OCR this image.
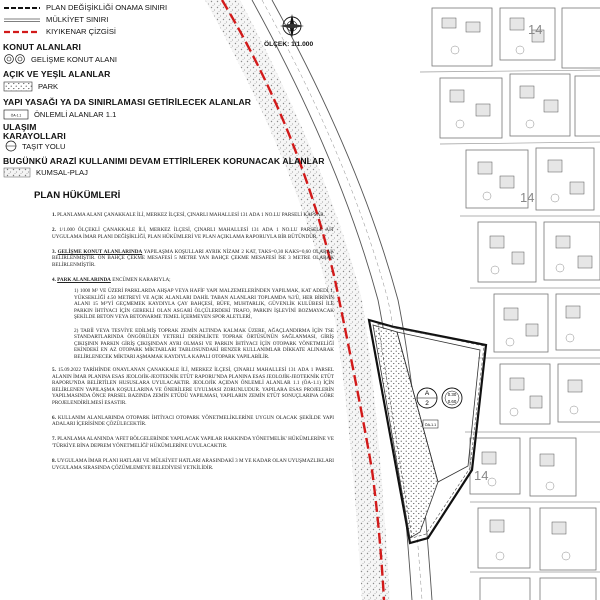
A
2
0.30
0.60
ÖA-1.1
ÖA-1.1
PLAN DEĞİŞİKLİĞİ ONAMA SINIRI
MÜLKİYET SINIRI
KIYIKENAR ÇİZGİSİ
KONUT ALANLARI
GELİŞME KONUT ALANI
AÇIK VE YEŞİL ALANLAR
PARK
YAPI YASAĞI YA DA SINIRLAMASI GETİRİLECEK ALANLAR
ÖNLEMLİ ALANLAR 1.1
ULAŞIM
KARAYOLLARI
TAŞIT YOLU
BUGÜNKÜ ARAZİ KULLANIMI DEVAM ETTİRİLEREK KORUNACAK ALANLAR
KUMSAL-PLAJ
ÖLÇEK: 1/1.000
14
14
14
PLAN HÜKÜMLERİ
1. PLANLAMA ALANI ÇANAKKALE İLİ, MERKEZ İLÇESİ, ÇINARLI MAHALLESİ 131 ADA 1 NO.LU PARSELİ KAPSAR.
2. 1/1.000 ÖLÇEKLİ ÇANAKKALE İLİ, MERKEZ İLÇESİ, ÇINARLI MAHALLESİ 131 ADA 1 NO.LU PARSELE AİT UYGULAMA İMAR PLANI DEĞİŞİKLİĞİ, PLAN HÜKÜMLERİ VE PLAN AÇIKLAMA RAPORUYLA BİR BÜTÜNDÜR.
3. GELİŞME KONUT ALANLARINDA YAPILAŞMA KOŞULLARI AYRIK NİZAM 2 KAT, TAKS=0,30 KAKS=0,60 OLARAK BELİRLENMİŞTİR. ÖN BAHÇE ÇEKME MESAFESİ 5 METRE YAN BAHÇE ÇEKME MESAFESİ İSE 3 METRE OLARAK BELİRLENMİŞTİR.
4. PARK ALANLARINDA ENCÜMEN KARARIYLA;
1) 1000 M² VE ÜZERİ PARKLARDA AHŞAP VEYA HAFİF YAPI MALZEMELERİNDEN YAPILMAK, KAT ADEDİ 1, YÜKSEKLİĞİ 4.50 METREYİ VE AÇIK ALANLARI DAHİL TABAN ALANLARI TOPLAMDA %3'Ü, HER BİRİNİN ALANI 15 M²'Yİ GEÇMEMEK KAYDIYLA ÇAY BAHÇESİ, BÜFE, MUHTARLIK, GÜVENLİK KULÜBESİ İLE PARKIN İHTİYACI İÇİN GEREKLİ OLAN ASGARİ ÖLÇÜLERDEKİ TRAFO, PARKIN İŞLEVİNİ BOZMAYACAK ŞEKİLDE BETON VEYA BETONARME TEMEL İÇERMEYEN SPOR ALETLERİ,
2) TABİİ VEYA TESVİYE EDİLMİŞ TOPRAK ZEMİN ALTINDA KALMAK ÜZERE, AĞAÇLANDIRMA İÇİN TSE STANDARTLARINDA ÖNGÖRÜLEN YETERLİ DERİNLİKTE TOPRAK ÖRTÜSÜNÜN SAĞLANMASI, GİRİŞ ÇIKIŞININ PARKIN GİRİŞ ÇIKIŞINDAN AYRI OLMASI VE PARKIN İHTİYACI İÇİN OTOPARK YÖNETMELİĞİ EKİNDEKİ EN AZ OTOPARK MİKTARLARI TABLOSUNDAKİ BENZER KULLANIMLAR DİKKATE ALINARAK BELİRLENECEK MİKTARI AŞMAMAK KAYDIYLA KAPALI OTOPARK YAPILABİLİR.
5. 15.09.2022 TARİHİNDE ONAYLANAN ÇANAKKALE İLİ, MERKEZ İLÇESİ, ÇINARLI MAHALLESİ 131 ADA 1 PARSEL ALANIN İMAR PLANINA ESAS JEOLOJİK-JEOTEKNİK ETÜT RAPORU'NDA PLANINA ESAS JEOLOJİK-JEOTEKNİK ETÜT RAPORU'NDA BELİRTİLEN HUSUSLARA UYULACAKTIR. JEOLOJİK AÇIDAN ÖNLEMLİ ALANLAR 1.1 (ÖA-1.1) İÇİN BELİRLENEN YAPILAŞMA KOŞULLARINA VE ÖNERİLERE UYULMASI ZORUNLUDUR. YAPILARA ESAS PROJELERİN YAPILMASINDA ÖNCE PARSEL BAZINDA ZEMİN ETÜDÜ YAPILMASI, YAPILARIN ZEMİN ETÜT SONUÇLARINA GÖRE PROJELENDİRİLMESİ ESASTIR.
6. KULLANIM ALANLARINDA OTOPARK İHTİYACI OTOPARK YÖNETMELİKLERİNE UYGUN OLACAK ŞEKİLDE YAPI ADALARI İÇERİSİNDE ÇÖZÜLECEKTİR.
7. PLANLAMA ALANINDA 'AFET BÖLGELERİNDE YAPILACAK YAPILAR HAKKINDA YÖNETMELİK' HÜKÜMLERİNE VE 'TÜRKİYE BİNA DEPREM YÖNETMELİĞİ' HÜKÜMLERİNE UYULACAKTIR.
8. UYGULAMA İMAR PLANI HATLARI VE MÜLKİYET HATLARI ARASINDAKİ 3 M YE KADAR OLAN UYUŞMAZLIKLARI UYGULAMA SIRASINDA ÇÖZÜMLEMEYE BELEDİYESİ YETKİLİDİR.
